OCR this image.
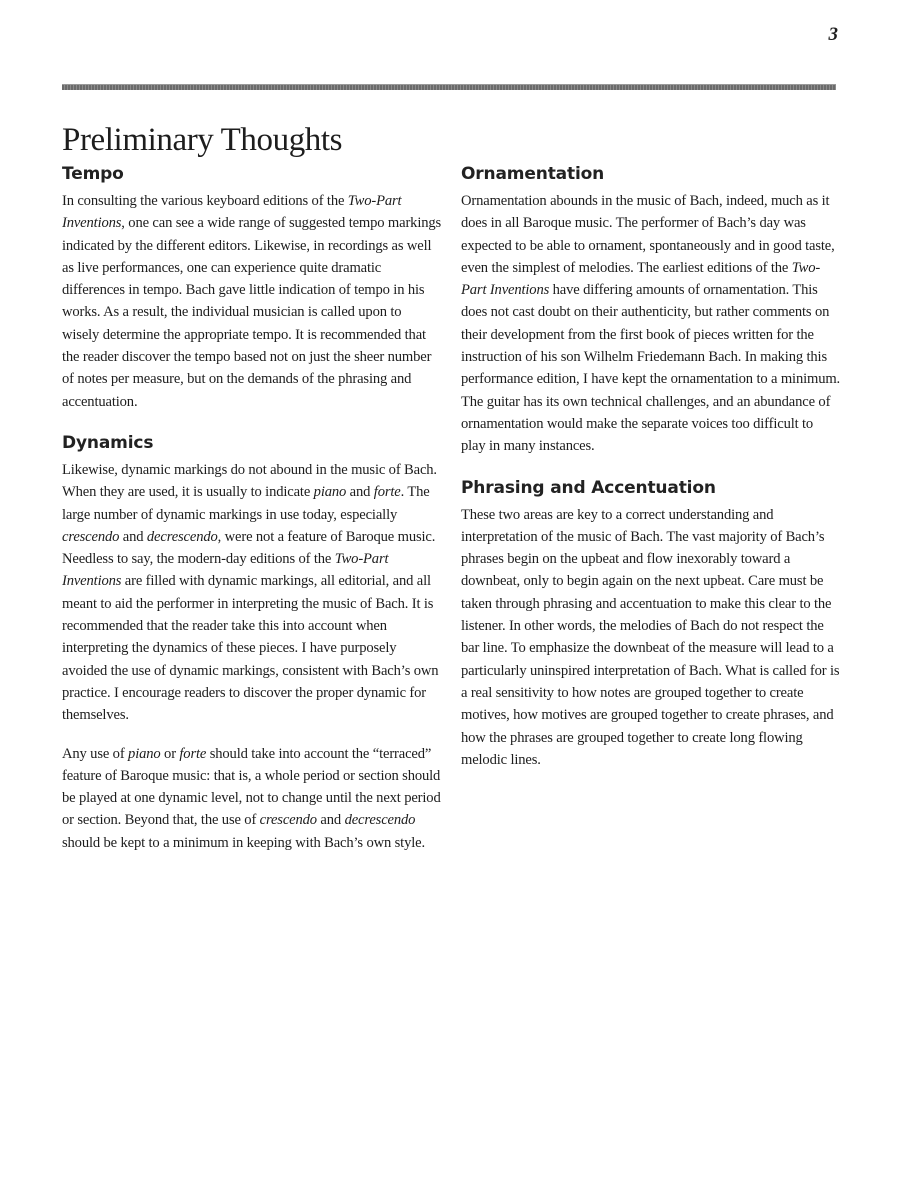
3
Preliminary Thoughts
Tempo

In consulting the various keyboard editions of the Two-Part Inventions, one can see a wide range of suggested tempo markings indicated by the different editors. Likewise, in recordings as well as live performances, one can experience quite dramatic differences in tempo. Bach gave little indication of tempo in his works. As a result, the individual musician is called upon to wisely determine the appropriate tempo. It is recommended that the reader discover the tempo based not on just the sheer number of notes per measure, but on the demands of the phrasing and accentuation.

Dynamics

Likewise, dynamic markings do not abound in the music of Bach. When they are used, it is usually to indicate piano and forte. The large number of dynamic markings in use today, especially crescendo and decrescendo, were not a feature of Baroque music. Needless to say, the modern-day editions of the Two-Part Inventions are filled with dynamic markings, all editorial, and all meant to aid the performer in interpreting the music of Bach. It is recommended that the reader take this into account when interpreting the dynamics of these pieces. I have purposely avoided the use of dynamic markings, consistent with Bach’s own practice. I encourage readers to discover the proper dynamic for themselves.

Any use of piano or forte should take into account the “terraced” feature of Baroque music: that is, a whole period or section should be played at one dynamic level, not to change until the next period or section. Beyond that, the use of crescendo and decrescendo should be kept to a minimum in keeping with Bach’s own style.

Ornamentation

Ornamentation abounds in the music of Bach, indeed, much as it does in all Baroque music. The performer of Bach’s day was expected to be able to ornament, spontaneously and in good taste, even the simplest of melodies. The earliest editions of the Two-Part Inventions have differing amounts of ornamentation. This does not cast doubt on their authenticity, but rather comments on their development from the first book of pieces written for the instruction of his son Wilhelm Friedemann Bach. In making this performance edition, I have kept the ornamentation to a minimum. The guitar has its own technical challenges, and an abundance of ornamentation would make the separate voices too difficult to play in many instances.

Phrasing and Accentuation

These two areas are key to a correct understanding and interpretation of the music of Bach. The vast majority of Bach’s phrases begin on the upbeat and flow inexorably toward a downbeat, only to begin again on the next upbeat. Care must be taken through phrasing and accentuation to make this clear to the listener. In other words, the melodies of Bach do not respect the bar line. To emphasize the downbeat of the measure will lead to a particularly uninspired interpretation of Bach. What is called for is a real sensitivity to how notes are grouped together to create motives, how motives are grouped together to create phrases, and how the phrases are grouped together to create long flowing melodic lines.
